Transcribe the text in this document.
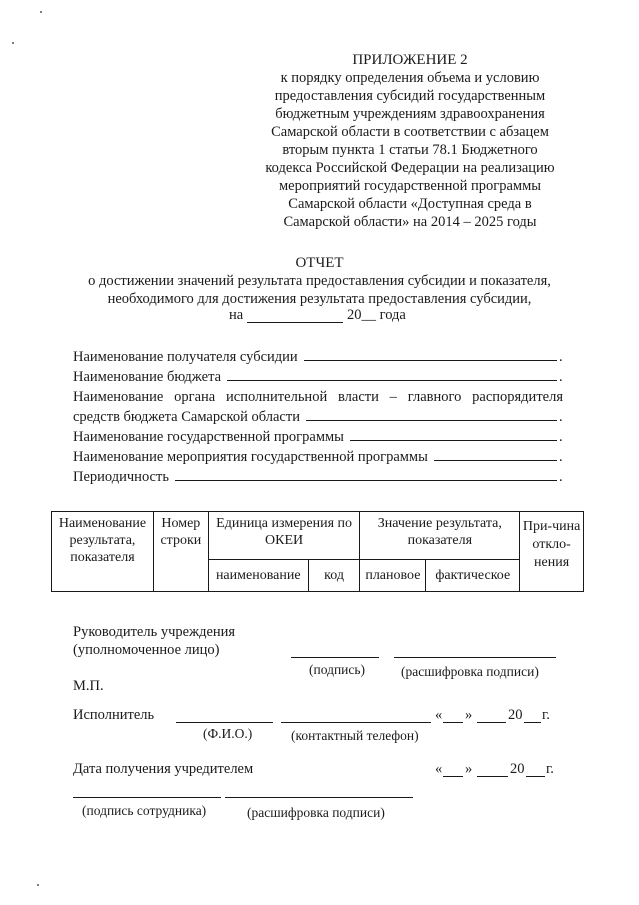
ПРИЛОЖЕНИЕ 2
к порядку определения объема и условию
предоставления субсидий государственным
бюджетным учреждениям здравоохранения
Самарской области в соответствии с абзацем
вторым пункта 1 статьи 78.1 Бюджетного
кодекса Российской Федерации на реализацию
мероприятий государственной программы
Самарской области «Доступная среда в
Самарской области» на 2014 – 2025 годы
ОТЧЕТ
о достижении значений результата предоставления субсидии и показателя,
необходимого для достижения результата предоставления субсидии,
на	20__ года
Наименование получателя субсидии	.
Наименование бюджета	.
Наименование органа исполнительной власти – главного распорядителя
средств бюджета Самарской области	.
Наименование государственной программы	.
Наименование мероприятия государственной программы	.
Периодичность	.
Наименование результата, показателя	Номер строки	Единица измерения по ОКЕИ		Значение результата, показателя		При-чина откло-нения
		наименование	код	плановое	фактическое	
Руководитель учреждения
(уполномоченное лицо)
(подпись)	(расшифровка подписи)
М.П.
Исполнитель	« » 20 г.
(Ф.И.О.)	(контактный телефон)
Дата получения учредителем	« »	20 г.
(подпись сотрудника)	(расшифровка подписи)
